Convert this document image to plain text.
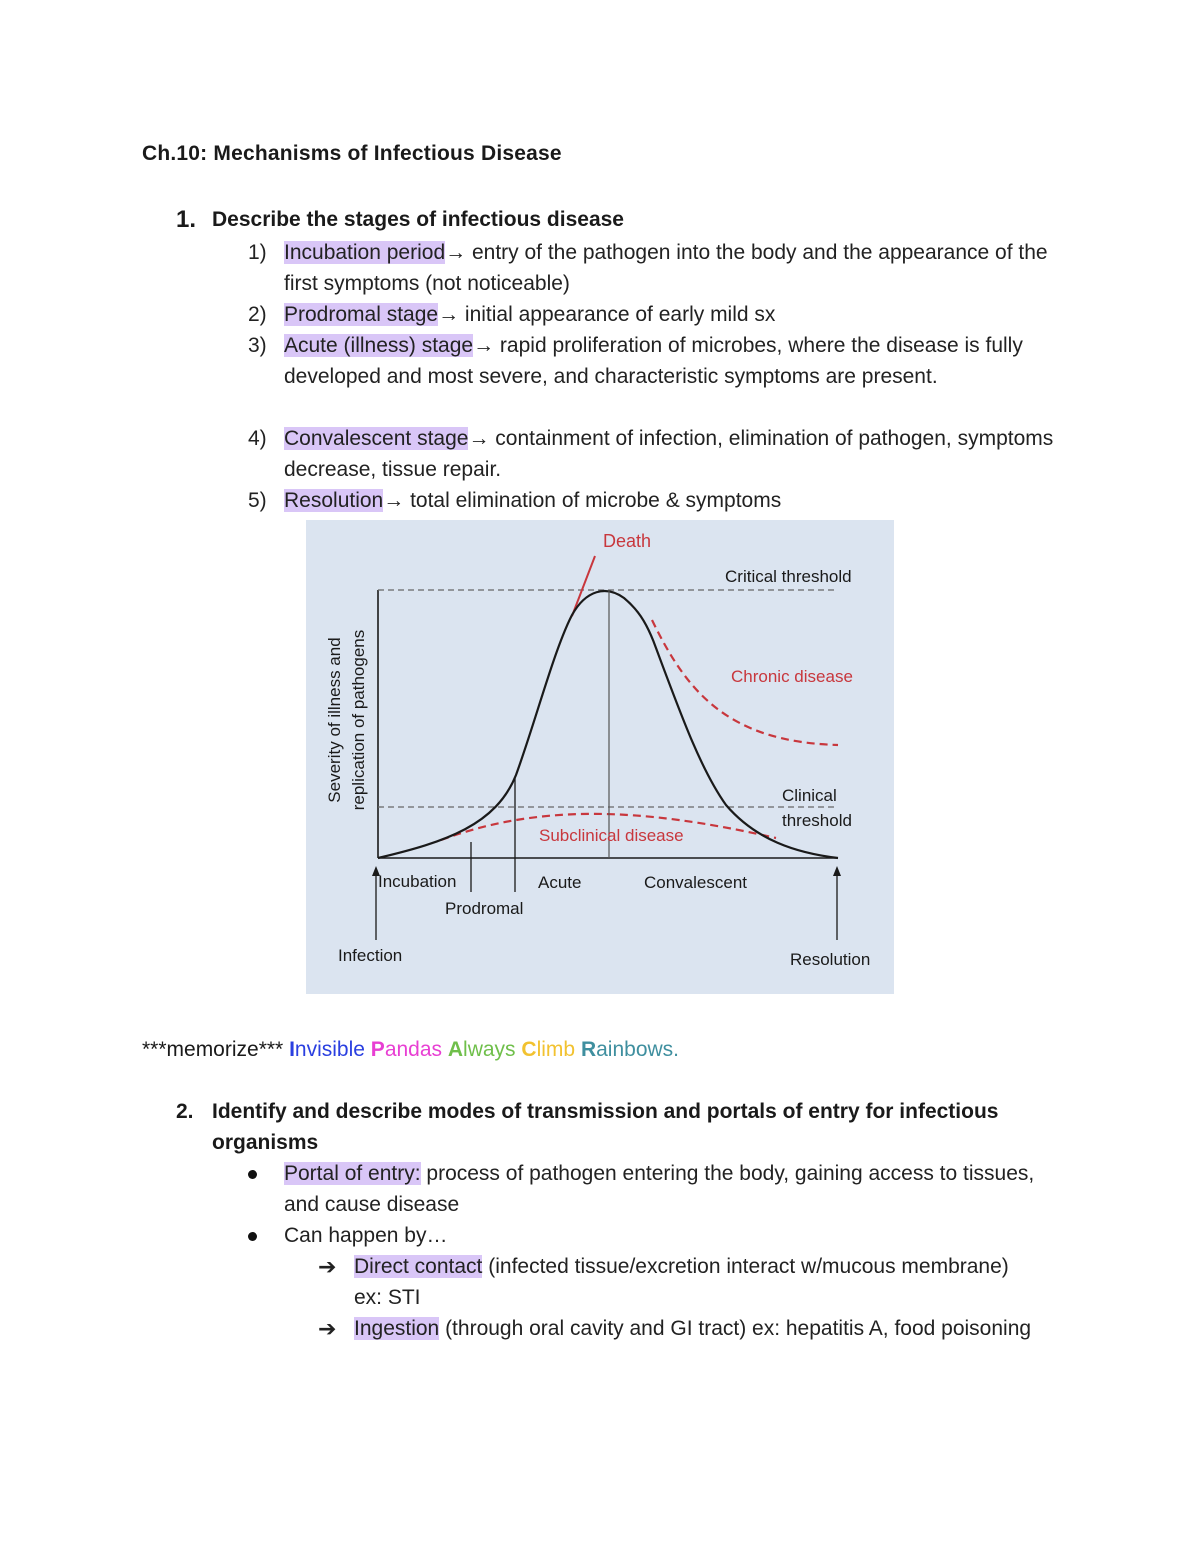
Ch.10: Mechanisms of Infectious Disease
1. Describe the stages of infectious disease
1) Incubation period→ entry of the pathogen into the body and the appearance of the first symptoms (not noticeable)
2) Prodromal stage→ initial appearance of early mild sx
3) Acute (illness) stage→ rapid proliferation of microbes, where the disease is fully developed and most severe, and characteristic symptoms are present.
4) Convalescent stage→ containment of infection, elimination of pathogen, symptoms decrease, tissue repair.
5) Resolution→ total elimination of microbe & symptoms
Severity of illness and replication of pathogens
Death
Critical threshold
Chronic disease
Clinical
threshold
Subclinical disease
Incubation
Prodromal
Acute	Convalescent
Infection	Resolution
***memorize*** Invisible Pandas Always Climb Rainbows.
2. Identify and describe modes of transmission and portals of entry for infectious organisms
Portal of entry: process of pathogen entering the body, gaining access to tissues, and cause disease
Can happen by…
➔ Direct contact (infected tissue/excretion interact w/mucous membrane) ex: STI
➔ Ingestion (through oral cavity and GI tract) ex: hepatitis A, food poisoning
